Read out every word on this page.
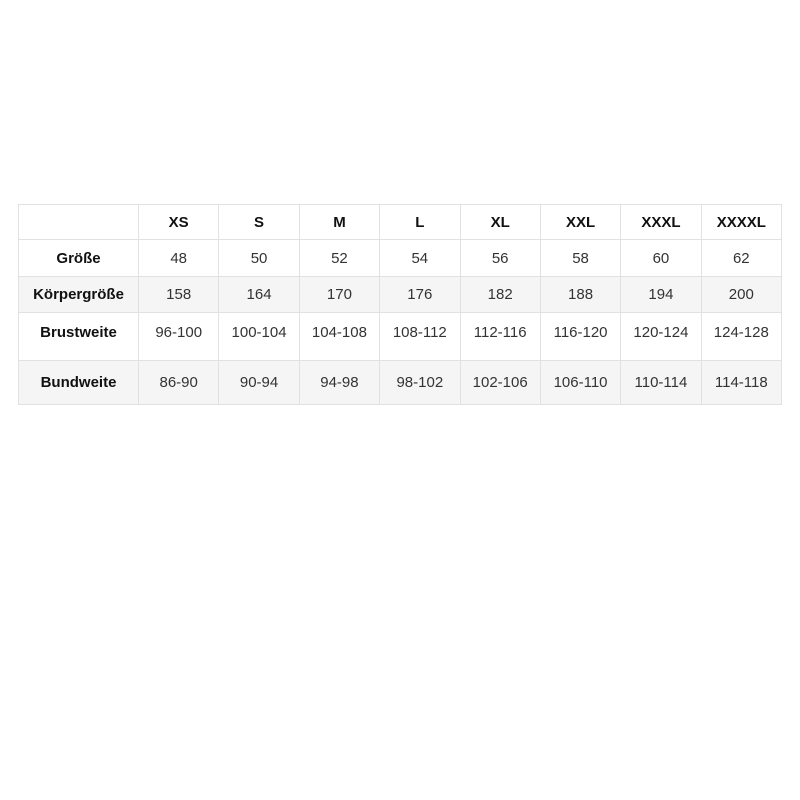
	XS	S	M	L	XL	XXL	XXXL	XXXXL
Größe	48	50	52	54	56	58	60	62
Körpergröße	158	164	170	176	182	188	194	200
Brustweite	96-100	100-104	104-108	108-112	112-116	116-120	120-124	124-128
Bundweite	86-90	90-94	94-98	98-102	102-106	106-110	110-114	114-118
